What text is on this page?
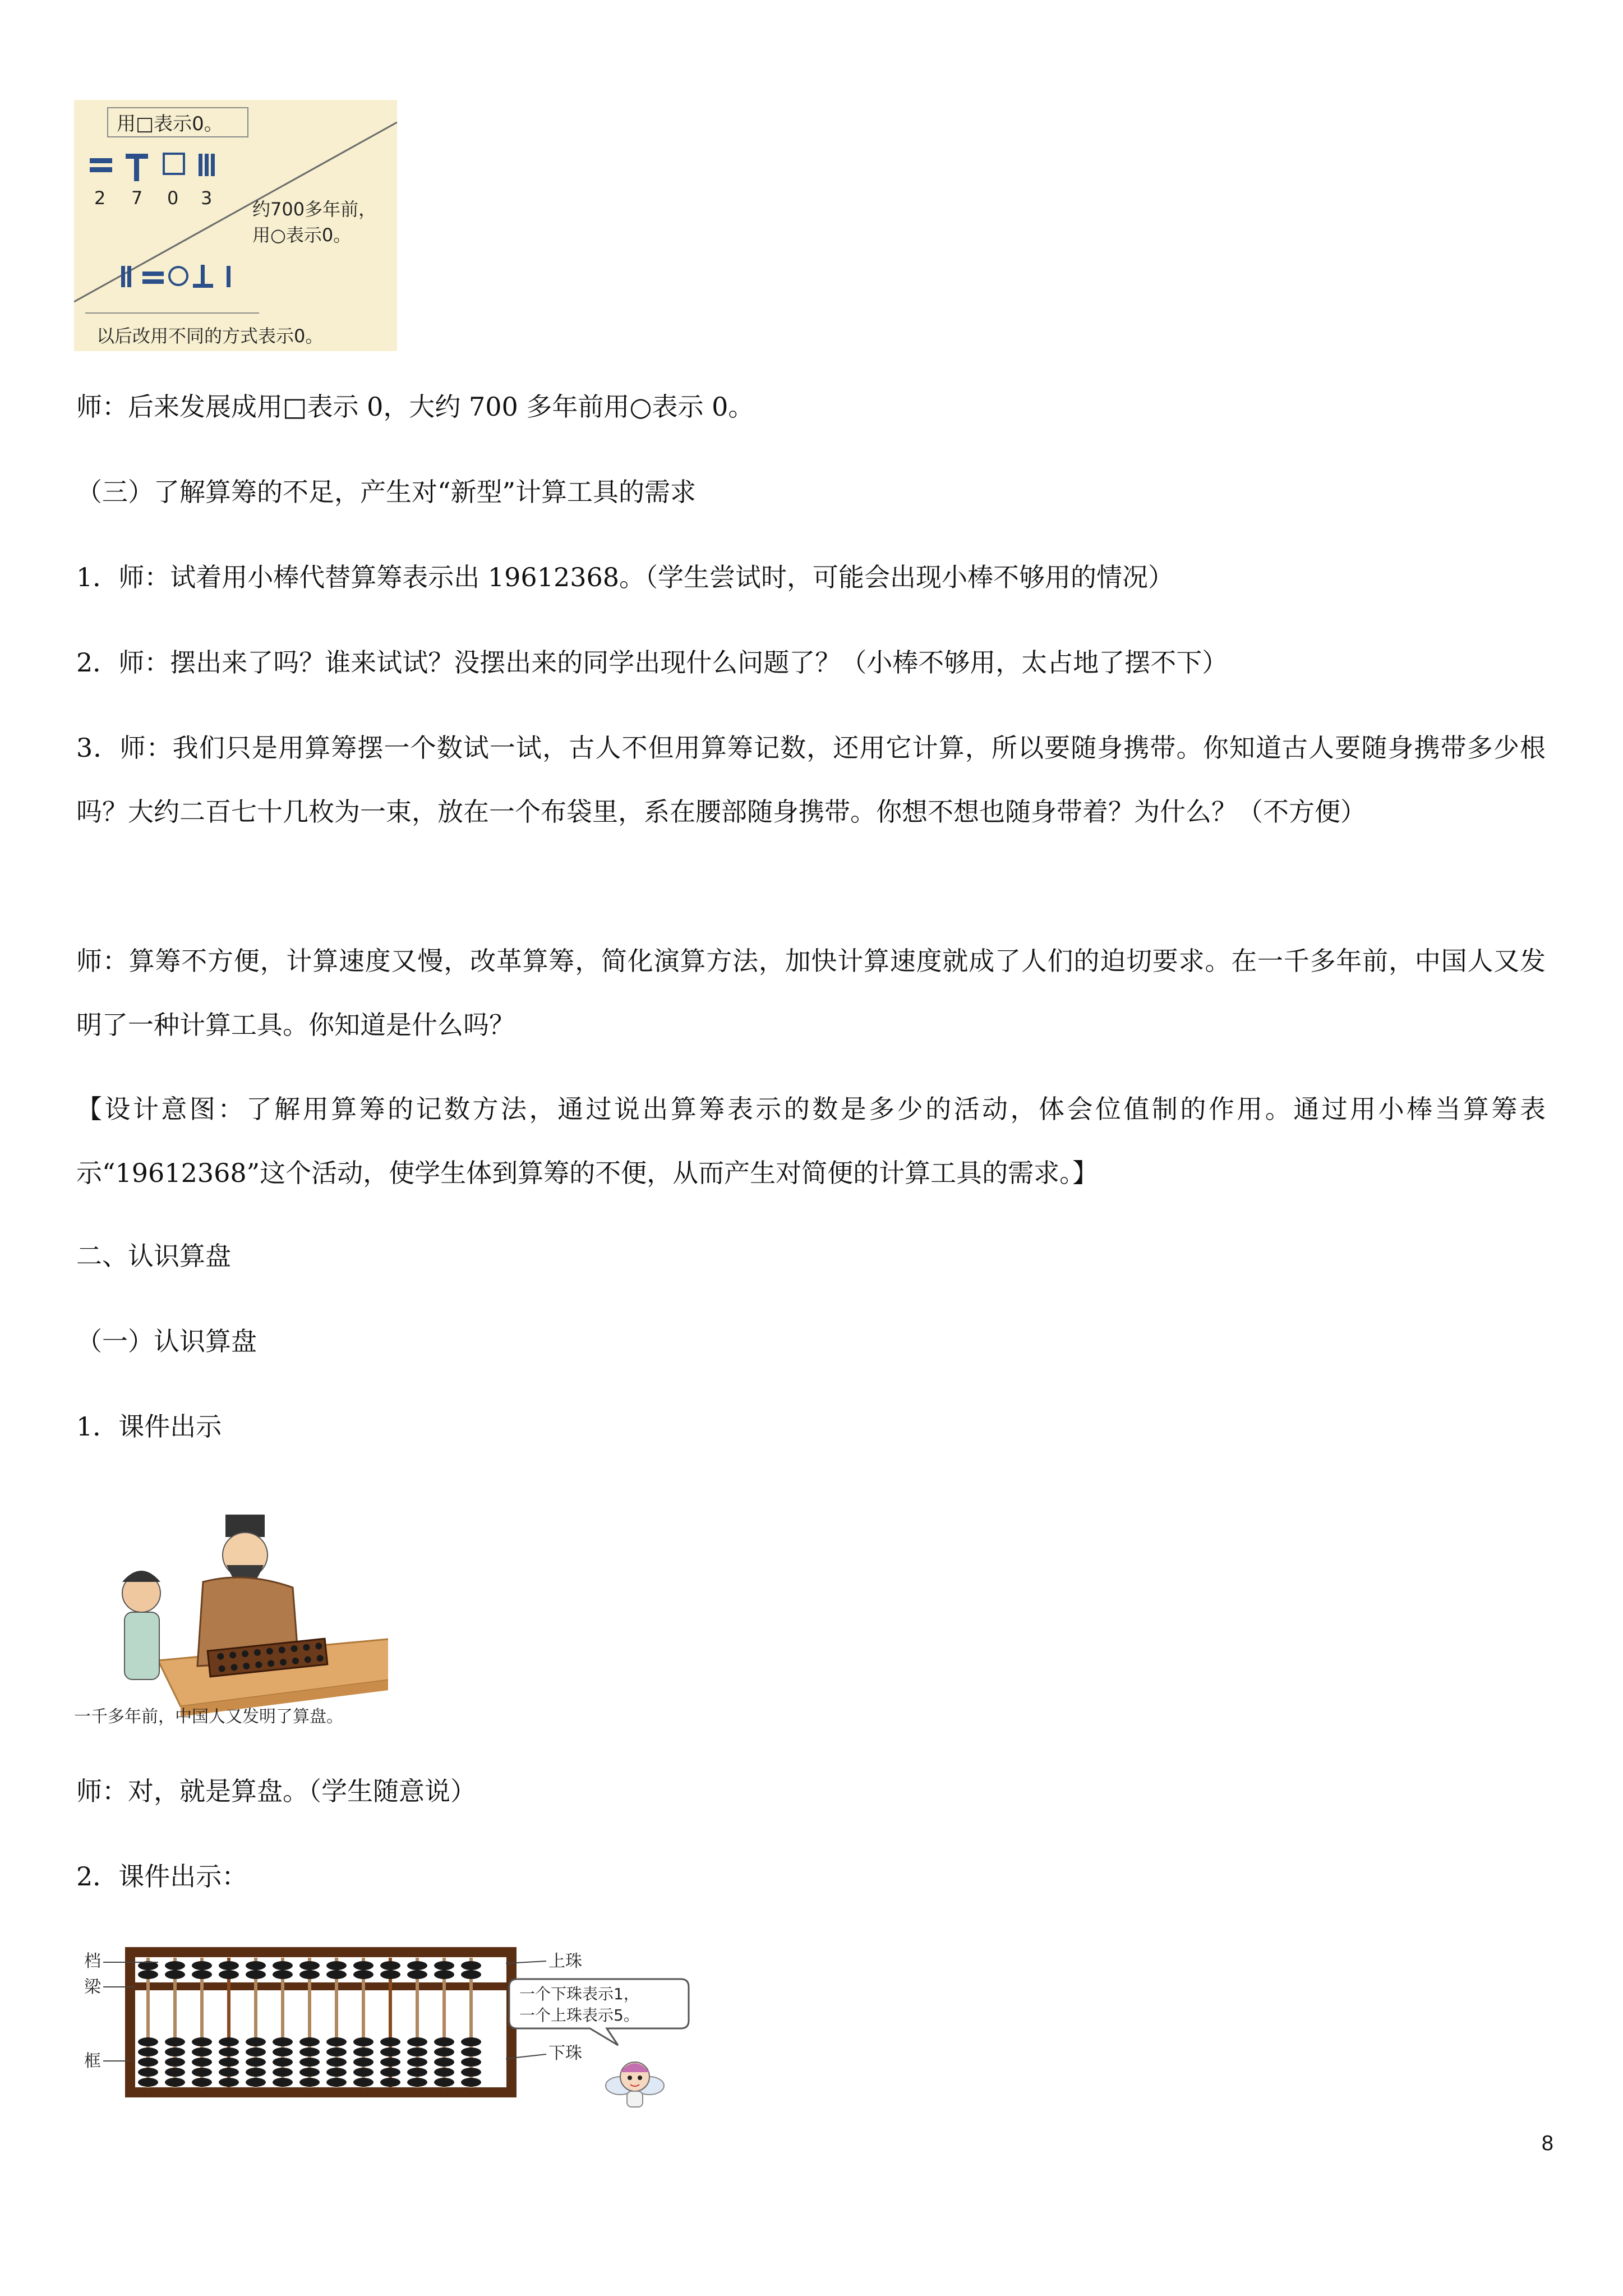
用□表示0。
2 7 0 3
约700多年前，
用○表示0。
以后改用不同的方式表示0。
师：后来发展成用□表示 0，大约 700 多年前用○表示 0。
（三）了解算筹的不足，产生对“新型”计算工具的需求
1．师：试着用小棒代替算筹表示出 19612368。（学生尝试时，可能会出现小棒不够用的情况）
2．师：摆出来了吗？谁来试试？没摆出来的同学出现什么问题了？（小棒不够用，太占地了摆不下）
3．师：我们只是用算筹摆一个数试一试，古人不但用算筹记数，还用它计算，所以要随身携带。你知道古人要随身携带多少根吗？大约二百七十几枚为一束，放在一个布袋里，系在腰部随身携带。你想不想也随身带着？为什么？（不方便）
师：算筹不方便，计算速度又慢，改革算筹，简化演算方法，加快计算速度就成了人们的迫切要求。在一千多年前，中国人又发明了一种计算工具。你知道是什么吗？
【设计意图：了解用算筹的记数方法，通过说出算筹表示的数是多少的活动，体会位值制的作用。通过用小棒当算筹表示“19612368”这个活动，使学生体到算筹的不便，从而产生对简便的计算工具的需求。】
二、认识算盘
（一）认识算盘
1．课件出示
一千多年前，中国人又发明了算盘。
师：对，就是算盘。（学生随意说）
2．课件出示：
档
梁
框
上珠
下珠
一个下珠表示1，
一个上珠表示5。
8
